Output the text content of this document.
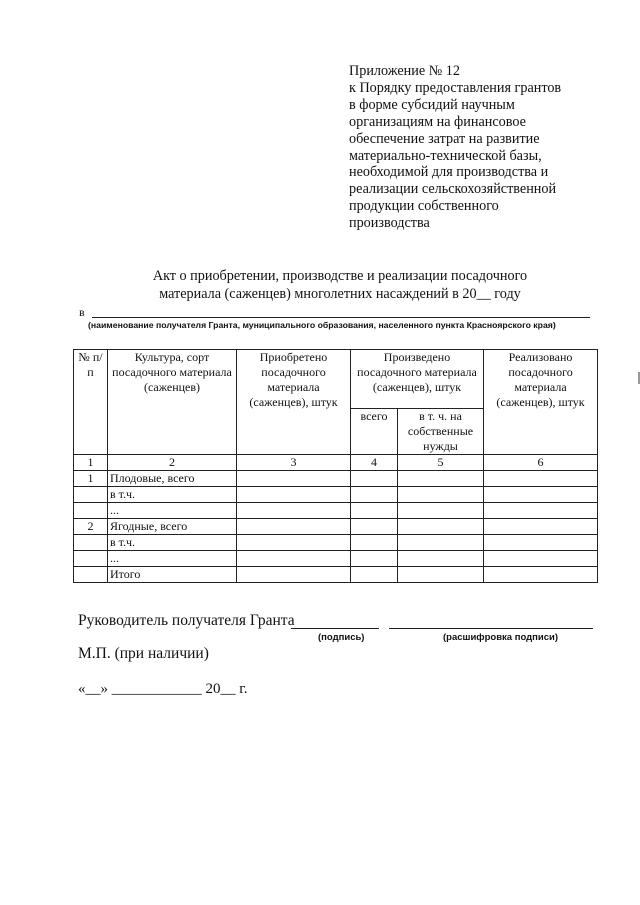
Приложение № 12
к Порядку предоставления грантов
в форме субсидий научным
организациям на финансовое
обеспечение затрат на развитие
материально-технической базы,
необходимой для производства и
реализации сельскохозяйственной
продукции собственного
производства
Акт о приобретении, производстве и реализации посадочного
материала (саженцев) многолетних насаждений в 20__ году
в
(наименование получателя Гранта, муниципального образования, населенного пункта Красноярского края)
№ п/п	Культура, сорт посадочного материала (саженцев)	Приобретено посадочного материала (саженцев), штук	Произведено посадочного материала (саженцев), штук		Реализовано посадочного материала (саженцев), штук
			всего	в т. ч. на собственные нужды	
1	2	3	4	5	6
1	Плодовые, всего				
	в т.ч.				
	...				
2	Ягодные, всего				
	в т.ч.				
	...				
	Итого				
Руководитель получателя Гранта
(подпись)	(расшифровка подписи)
М.П. (при наличии)
«__» ____________ 20__ г.
